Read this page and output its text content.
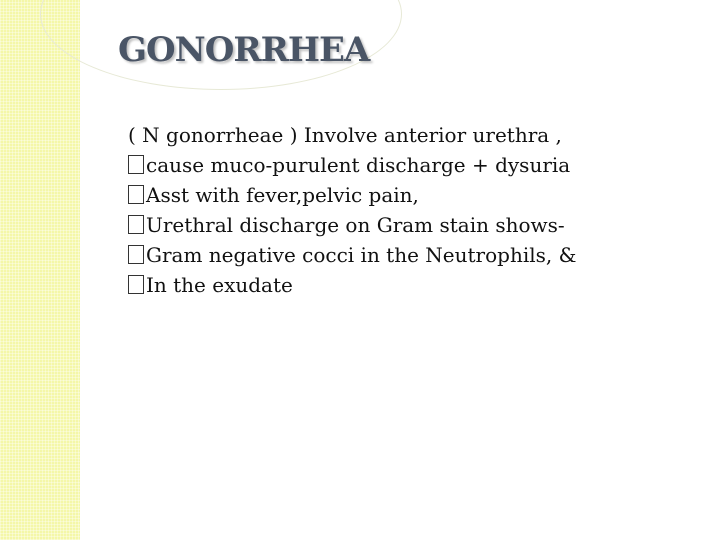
GONORRHEA
( N gonorrheae ) Involve anterior urethra ,
cause muco-purulent discharge + dysuria
Asst with fever,pelvic pain,
Urethral discharge on Gram stain shows-
Gram negative cocci in the Neutrophils, &
In the exudate
